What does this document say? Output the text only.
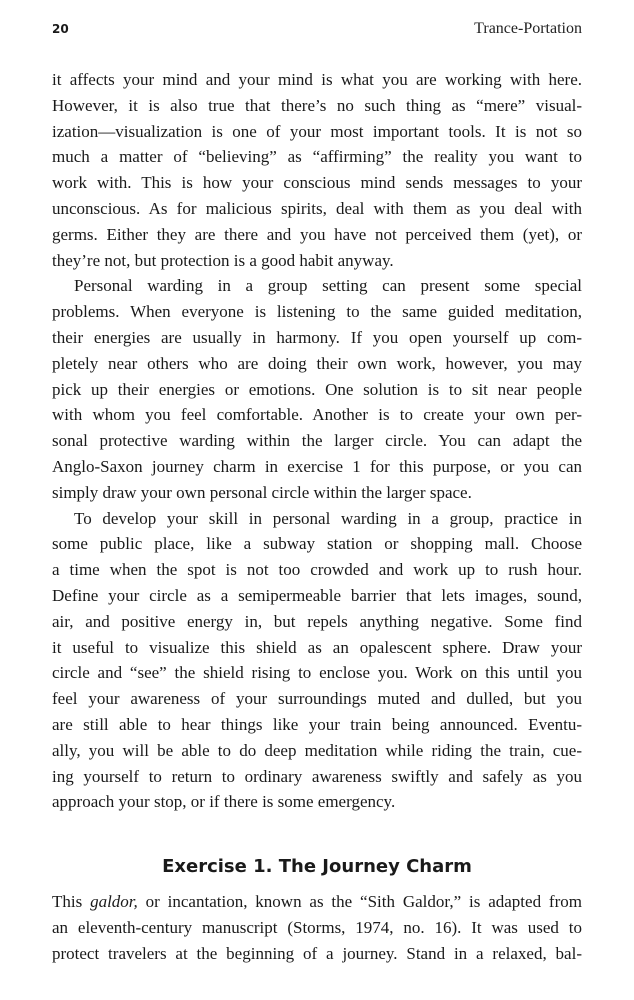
20	Trance-Portation
it affects your mind and your mind is what you are working with here.
However, it is also true that there’s no such thing as “mere” visual-
ization—visualization is one of your most important tools. It is not so
much a matter of “believing” as “affirming” the reality you want to
work with. This is how your conscious mind sends messages to your
unconscious. As for malicious spirits, deal with them as you deal with
germs. Either they are there and you have not perceived them (yet), or
they’re not, but protection is a good habit anyway.
Personal warding in a group setting can present some special
problems. When everyone is listening to the same guided meditation,
their energies are usually in harmony. If you open yourself up com-
pletely near others who are doing their own work, however, you may
pick up their energies or emotions. One solution is to sit near people
with whom you feel comfortable. Another is to create your own per-
sonal protective warding within the larger circle. You can adapt the
Anglo-Saxon journey charm in exercise 1 for this purpose, or you can
simply draw your own personal circle within the larger space.
To develop your skill in personal warding in a group, practice in
some public place, like a subway station or shopping mall. Choose
a time when the spot is not too crowded and work up to rush hour.
Define your circle as a semipermeable barrier that lets images, sound,
air, and positive energy in, but repels anything negative. Some find
it useful to visualize this shield as an opalescent sphere. Draw your
circle and “see” the shield rising to enclose you. Work on this until you
feel your awareness of your surroundings muted and dulled, but you
are still able to hear things like your train being announced. Eventu-
ally, you will be able to do deep meditation while riding the train, cue-
ing yourself to return to ordinary awareness swiftly and safely as you
approach your stop, or if there is some emergency.
Exercise 1. The Journey Charm
This galdor, or incantation, known as the “Sith Galdor,” is adapted from
an eleventh-century manuscript (Storms, 1974, no. 16). It was used to
protect travelers at the beginning of a journey. Stand in a relaxed, bal-
